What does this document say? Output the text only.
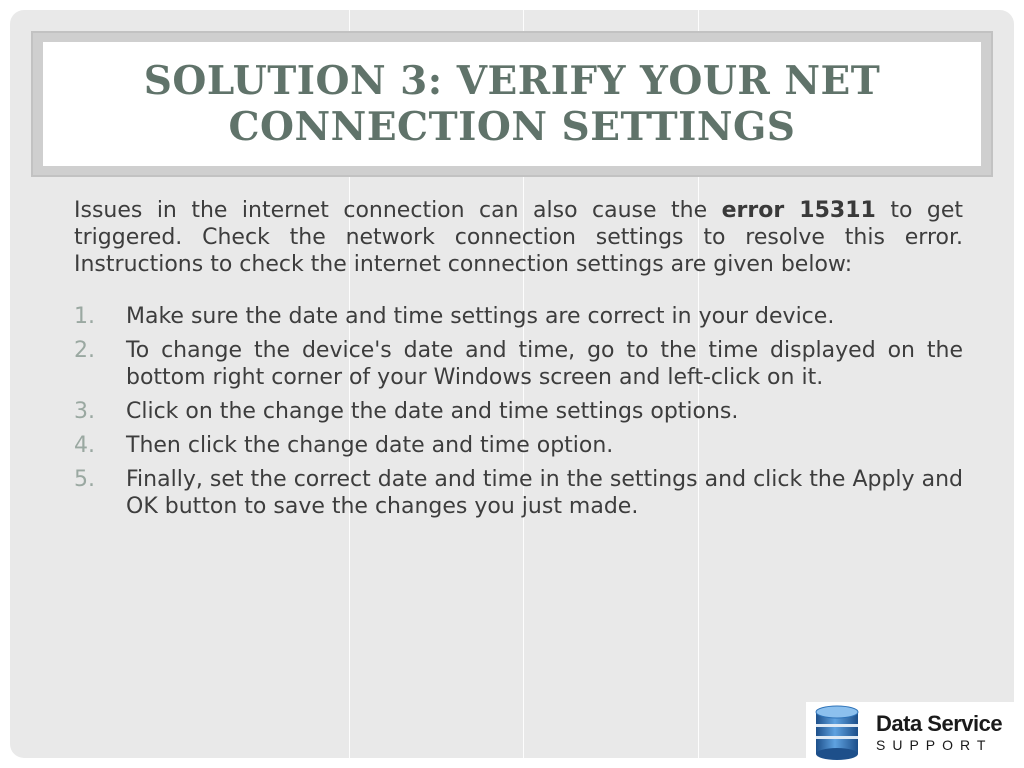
SOLUTION 3: VERIFY YOUR NET CONNECTION SETTINGS

Issues in the internet connection can also cause the error 15311 to get triggered. Check the network connection settings to resolve this error. Instructions to check the internet connection settings are given below:

1. Make sure the date and time settings are correct in your device.
2. To change the device's date and time, go to the time displayed on the bottom right corner of your Windows screen and left-click on it.
3. Click on the change the date and time settings options.
4. Then click the change date and time option.
5. Finally, set the correct date and time in the settings and click the Apply and OK button to save the changes you just made.
Data Service
SUPPORT
